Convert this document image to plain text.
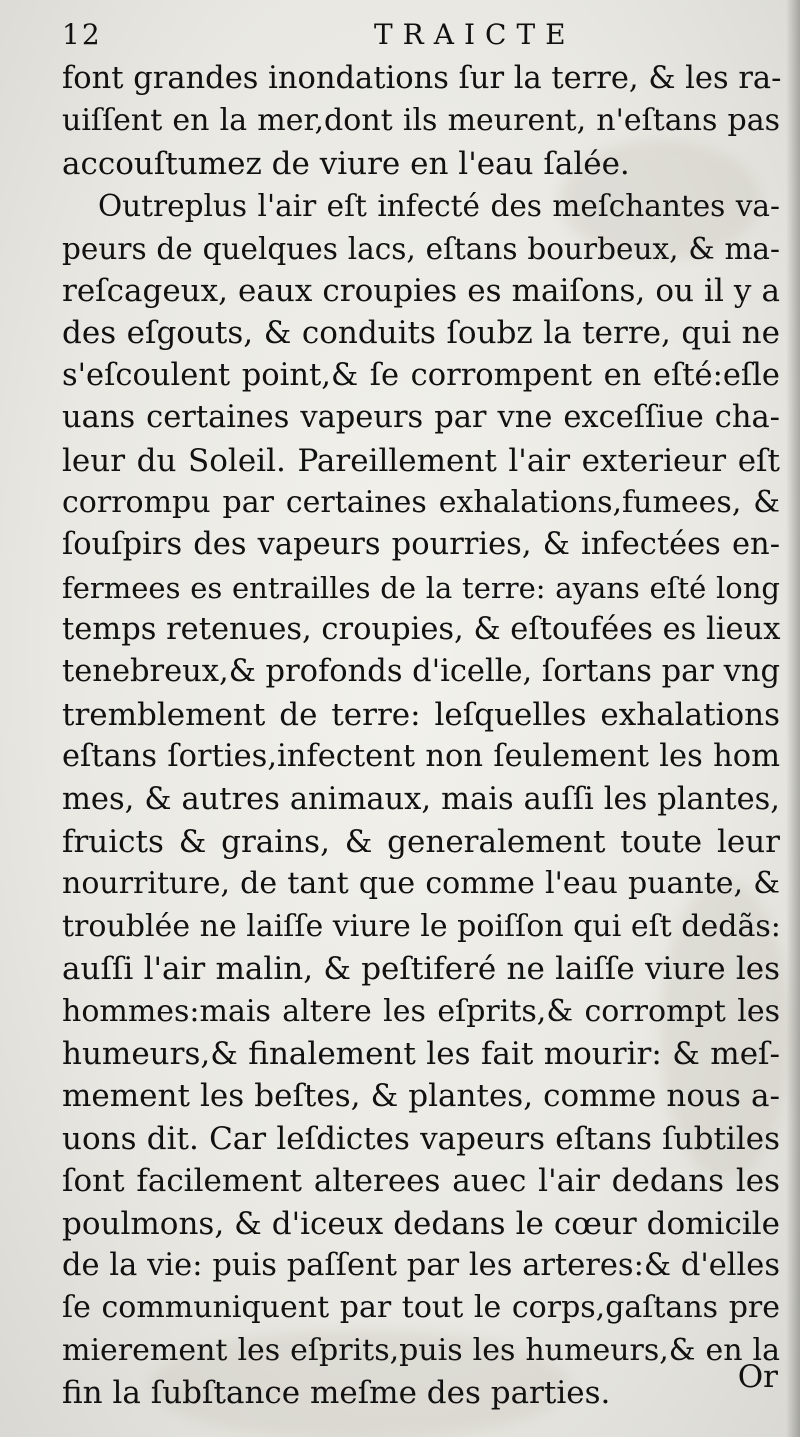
12	TRAICTE
font grandes inondations ſur la terre, & les ra-
uiſſent en la mer,dont ils meurent, n'eſtans pas
accouſtumez de viure en l'eau ſalée.
Outreplus l'air eſt infecté des meſchantes va-
peurs de quelques lacs, eſtans bourbeux, & ma-
reſcageux, eaux croupies es maiſons, ou il y a
des eſgouts, & conduits ſoubz la terre, qui ne
s'eſcoulent point,& ſe corrompent en eſté:eſle
uans certaines vapeurs par vne exceſſiue cha-
leur du Soleil. Pareillement l'air exterieur eſt
corrompu par certaines exhalations,fumees, &
ſouſpirs des vapeurs pourries, & infectées en-
fermees es entrailles de la terre: ayans eſté long
temps retenues, croupies, & eſtoufées es lieux
tenebreux,& profonds d'icelle, ſortans par vng
tremblement de terre: leſquelles exhalations
eſtans ſorties,infectent non ſeulement les hom
mes, & autres animaux, mais auſſi les plantes,
fruicts & grains, & generalement toute leur
nourriture, de tant que comme l'eau puante, &
troublée ne laiſſe viure le poiſſon qui eſt dedãs:
auſſi l'air malin, & peſtiferé ne laiſſe viure les
hommes:mais altere les eſprits,& corrompt les
humeurs,& finalement les fait mourir: & meſ-
mement les beſtes, & plantes, comme nous a-
uons dit. Car leſdictes vapeurs eſtans ſubtiles
ſont facilement alterees auec l'air dedans les
poulmons, & d'iceux dedans le cœur domicile
de la vie: puis paſſent par les arteres:& d'elles
ſe communiquent par tout le corps,gaſtans pre
mierement les eſprits,puis les humeurs,& en la
fin la ſubſtance meſme des parties.	Or
